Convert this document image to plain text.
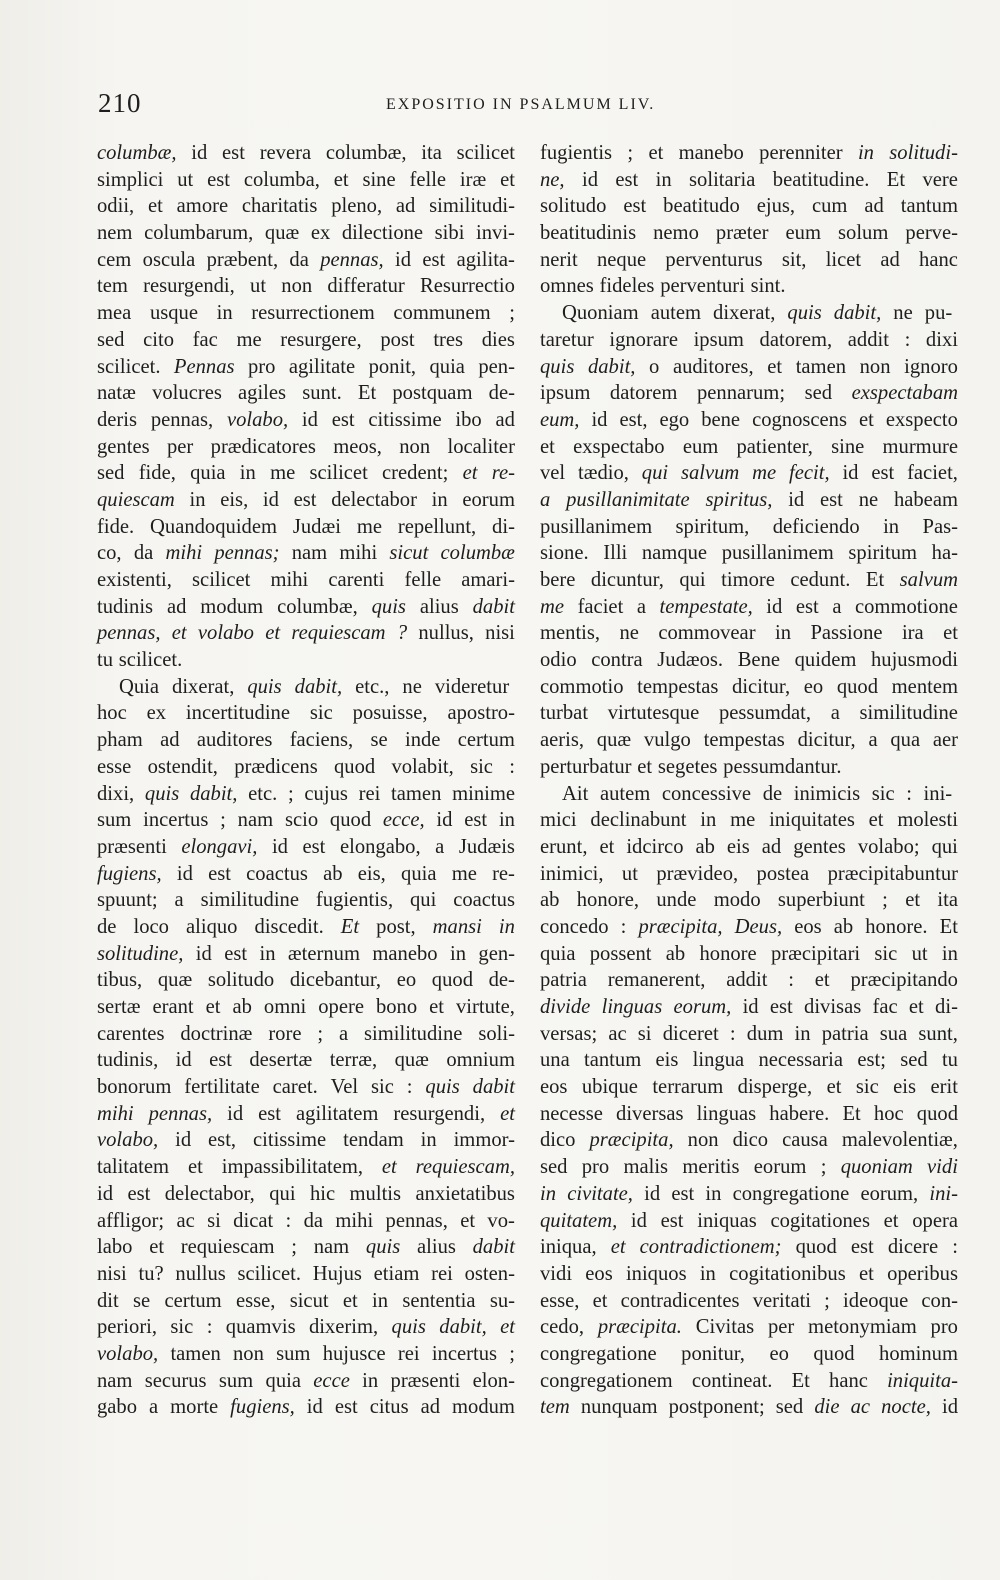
210	EXPOSITIO IN PSALMUM LIV.
columbæ, id est revera columbæ, ita scilicet
simplici ut est columba, et sine felle iræ et
odii, et amore charitatis pleno, ad similitudi-
nem columbarum, quæ ex dilectione sibi invi-
cem oscula præbent, da pennas, id est agilita-
tem resurgendi, ut non differatur Resurrectio
mea usque in resurrectionem communem ;
sed cito fac me resurgere, post tres dies
scilicet. Pennas pro agilitate ponit, quia pen-
natæ volucres agiles sunt. Et postquam de-
deris pennas, volabo, id est citissime ibo ad
gentes per prædicatores meos, non localiter
sed fide, quia in me scilicet credent; et re-
quiescam in eis, id est delectabor in eorum
fide. Quandoquidem Judæi me repellunt, di-
co, da mihi pennas; nam mihi sicut columbæ
existenti, scilicet mihi carenti felle amari-
tudinis ad modum columbæ, quis alius dabit
pennas, et volabo et requiescam ? nullus, nisi
tu scilicet.
Quia dixerat, quis dabit, etc., ne videretur
hoc ex incertitudine sic posuisse, apostro-
pham ad auditores faciens, se inde certum
esse ostendit, prædicens quod volabit, sic :
dixi, quis dabit, etc. ; cujus rei tamen minime
sum incertus ; nam scio quod ecce, id est in
præsenti elongavi, id est elongabo, a Judæis
fugiens, id est coactus ab eis, quia me re-
spuunt; a similitudine fugientis, qui coactus
de loco aliquo discedit. Et post, mansi in
solitudine, id est in æternum manebo in gen-
tibus, quæ solitudo dicebantur, eo quod de-
sertæ erant et ab omni opere bono et virtute,
carentes doctrinæ rore ; a similitudine soli-
tudinis, id est desertæ terræ, quæ omnium
bonorum fertilitate caret. Vel sic : quis dabit
mihi pennas, id est agilitatem resurgendi, et
volabo, id est, citissime tendam in immor-
talitatem et impassibilitatem, et requiescam,
id est delectabor, qui hic multis anxietatibus
affligor; ac si dicat : da mihi pennas, et vo-
labo et requiescam ; nam quis alius dabit
nisi tu? nullus scilicet. Hujus etiam rei osten-
dit se certum esse, sicut et in sententia su-
periori, sic : quamvis dixerim, quis dabit, et
volabo, tamen non sum hujusce rei incertus ;
nam securus sum quia ecce in præsenti elon-
gabo a morte fugiens, id est citus ad modum
fugientis ; et manebo perenniter in solitudi-
ne, id est in solitaria beatitudine. Et vere
solitudo est beatitudo ejus, cum ad tantum
beatitudinis nemo præter eum solum perve-
nerit neque perventurus sit, licet ad hanc
omnes fideles perventuri sint.
Quoniam autem dixerat, quis dabit, ne pu-
taretur ignorare ipsum datorem, addit : dixi
quis dabit, o auditores, et tamen non ignoro
ipsum datorem pennarum; sed exspectabam
eum, id est, ego bene cognoscens et exspecto
et exspectabo eum patienter, sine murmure
vel tædio, qui salvum me fecit, id est faciet,
a pusillanimitate spiritus, id est ne habeam
pusillanimem spiritum, deficiendo in Pas-
sione. Illi namque pusillanimem spiritum ha-
bere dicuntur, qui timore cedunt. Et salvum
me faciet a tempestate, id est a commotione
mentis, ne commovear in Passione ira et
odio contra Judæos. Bene quidem hujusmodi
commotio tempestas dicitur, eo quod mentem
turbat virtutesque pessumdat, a similitudine
aeris, quæ vulgo tempestas dicitur, a qua aer
perturbatur et segetes pessumdantur.
Ait autem concessive de inimicis sic : ini-
mici declinabunt in me iniquitates et molesti
erunt, et idcirco ab eis ad gentes volabo; qui
inimici, ut prævideo, postea præcipitabuntur
ab honore, unde modo superbiunt ; et ita
concedo : præcipita, Deus, eos ab honore. Et
quia possent ab honore præcipitari sic ut in
patria remanerent, addit : et præcipitando
divide linguas eorum, id est divisas fac et di-
versas; ac si diceret : dum in patria sua sunt,
una tantum eis lingua necessaria est; sed tu
eos ubique terrarum disperge, et sic eis erit
necesse diversas linguas habere. Et hoc quod
dico præcipita, non dico causa malevolentiæ,
sed pro malis meritis eorum ; quoniam vidi
in civitate, id est in congregatione eorum, ini-
quitatem, id est iniquas cogitationes et opera
iniqua, et contradictionem; quod est dicere :
vidi eos iniquos in cogitationibus et operibus
esse, et contradicentes veritati ; ideoque con-
cedo, præcipita. Civitas per metonymiam pro
congregatione ponitur, eo quod hominum
congregationem contineat. Et hanc iniquita-
tem nunquam postponent; sed die ac nocte, id
